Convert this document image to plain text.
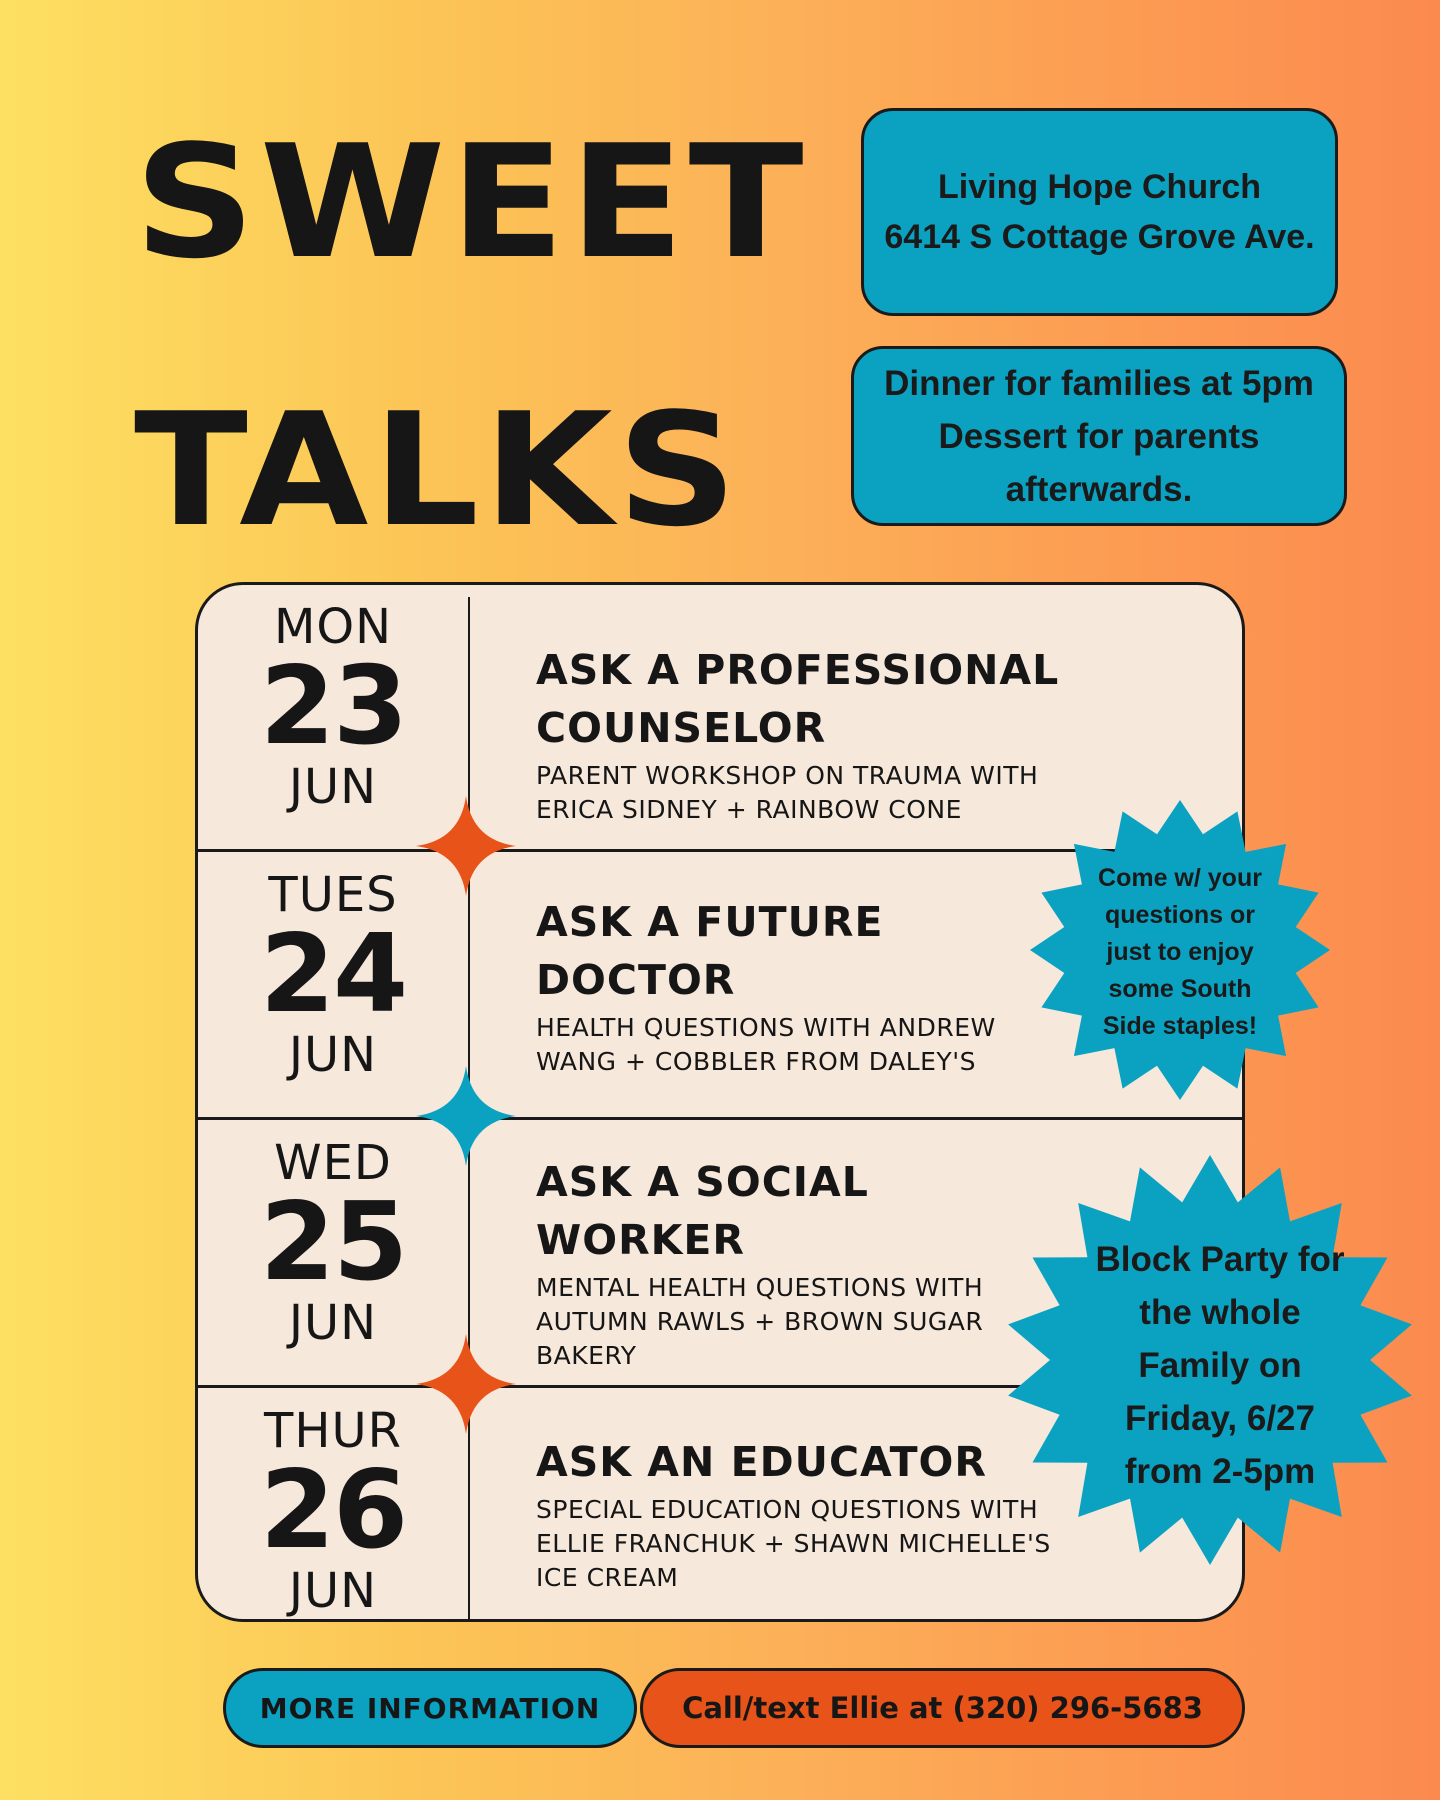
SWEET
TALKS
Living Hope Church
6414 S Cottage Grove Ave.
Dinner for families at 5pm
Dessert for parents
afterwards.
MON
23
JUN

ASK A PROFESSIONAL COUNSELOR

PARENT WORKSHOP ON TRAUMA WITH ERICA SIDNEY + RAINBOW CONE

TUES
24
JUN

ASK A FUTURE DOCTOR

HEALTH QUESTIONS WITH ANDREW WANG + COBBLER FROM DALEY'S

WED
25
JUN

ASK A SOCIAL WORKER

MENTAL HEALTH QUESTIONS WITH AUTUMN RAWLS + BROWN SUGAR BAKERY

THUR
26
JUN

ASK AN EDUCATOR

SPECIAL EDUCATION QUESTIONS WITH ELLIE FRANCHUK + SHAWN MICHELLE'S ICE CREAM

Come w/ your
questions or
just to enjoy
some South
Side staples!
Block Party for
the whole
Family on
Friday, 6/27
from 2-5pm
MORE INFORMATION	Call/text Ellie at (320) 296-5683
